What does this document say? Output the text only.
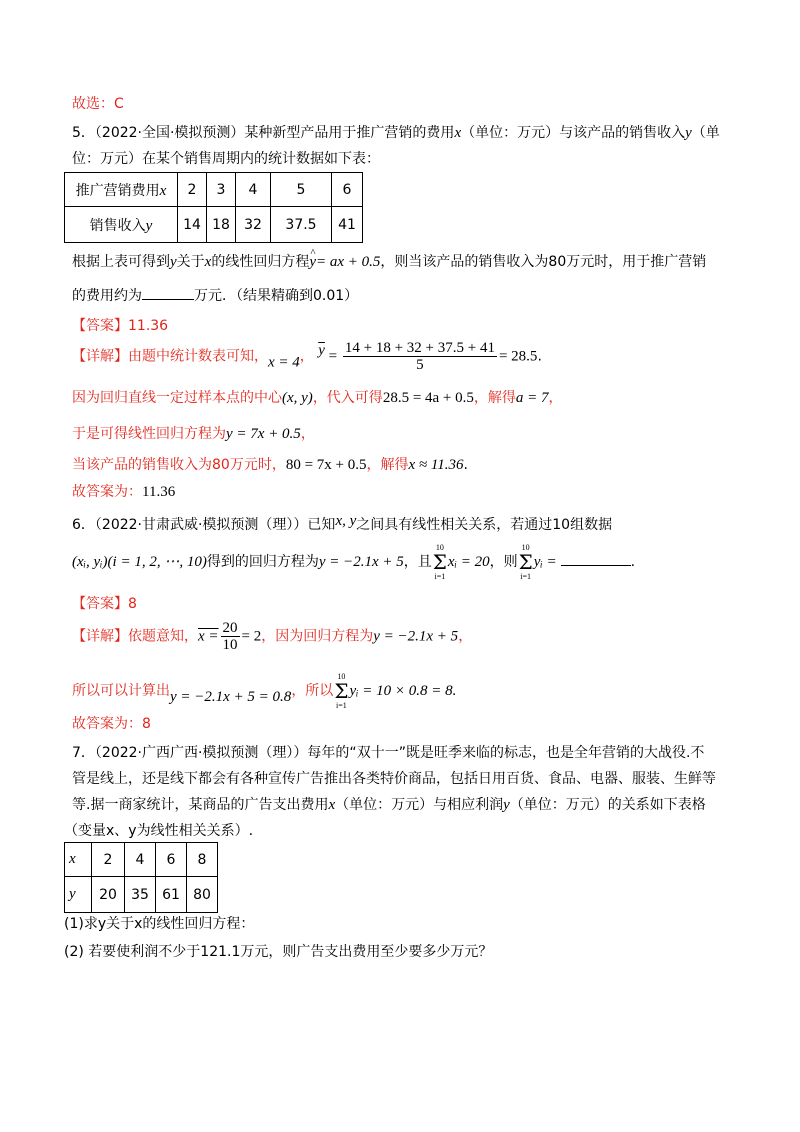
故选：C
5．（2022·全国·模拟预测）某种新型产品用于推广营销的费用x（单位：万元）与该产品的销售收入y（单
位：万元）在某个销售周期内的统计数据如下表：
推广营销费用x	2	3	4	5	6
销售收入y	14	18	32	37.5	41
根据上表可得到y关于x的线性回归方程^ y= ax + 0.5，则当该产品的销售收入为80万元时，用于推广营销
的费用约为	万元．（结果精确到0.01）
【答案】11.36
【详解】由题中统计数表可知，x = 4， $\overline{y} = \frac{14 + 18 + 32 + 37.5 + 41}{5} = 28.5$.
因为回归直线一定过样本点的中心(x, y)，代入可得28.5 = 4a + 0.5，解得a = 7，
于是可得线性回归方程为y = 7x + 0.5，
当该产品的销售收入为80万元时，80 = 7x + 0.5，解得x ≈ 11.36.
故答案为：11.36
6．（2022·甘肃武威·模拟预测（理））已知x, y之间具有线性相关关系，若通过10组数据
(xᵢ, yᵢ)(i = 1, 2, ⋯, 10)得到的回归方程为y = −2.1x + 5，且
10
Σ
i=1
xᵢ = 20，则
10
Σ
i=1
yᵢ =	.
【答案】8
【详解】依题意知，$x = \frac{20}{10} = 2$，因为回归方程为y = −2.1x + 5，
所以可以计算出y = −2.1x + 5 = 0.8，所以
10
Σ
i=1
yᵢ = 10 × 0.8 = 8.
故答案为：8
7．（2022·广西广西·模拟预测（理））每年的“双十一”既是旺季来临的标志，也是全年营销的大战役.不
管是线上，还是线下都会有各种宣传广告推出各类特价商品，包括日用百货、食品、电器、服装、生鲜等
等.据一商家统计，某商品的广告支出费用x（单位：万元）与相应利润y（单位：万元）的关系如下表格
（变量x、y为线性相关关系）.
x	2	4	6	8
y	20	35	61	80
(1)求y关于x的线性回归方程：
(2) 若要使利润不少于121.1万元，则广告支出费用至少要多少万元？
